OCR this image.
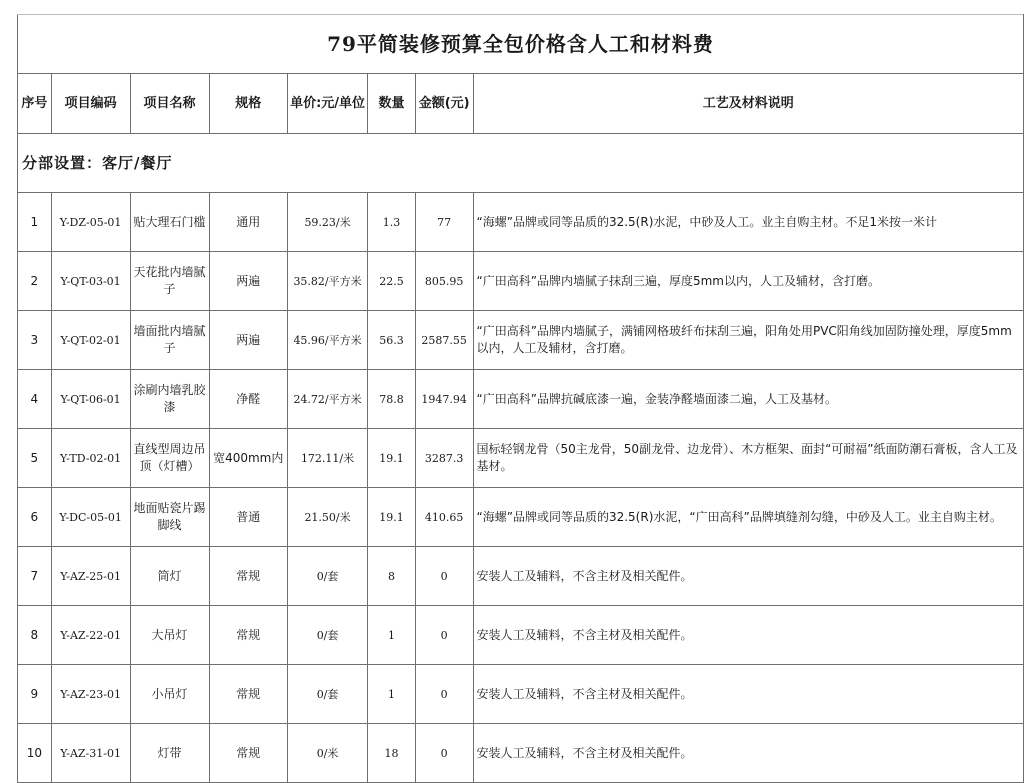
79平简装修预算全包价格含人工和材料费							
序号	项目编码	项目名称	规格	单价:元/单位	数量	金额(元)	工艺及材料说明
分部设置：客厅/餐厅							
1	Y-DZ-05-01	贴大理石门槛	通用	59.23/米	1.3	77	“海螺”品牌或同等品质的32.5(R)水泥，中砂及人工。业主自购主材。不足1米按一米计
2	Y-QT-03-01	天花批内墙腻子	两遍	35.82/平方米	22.5	805.95	“广田高科”品牌内墙腻子抹刮三遍，厚度5mm以内，人工及辅材，含打磨。
3	Y-QT-02-01	墙面批内墙腻子	两遍	45.96/平方米	56.3	2587.55	“广田高科”品牌内墙腻子，满铺网格玻纤布抹刮三遍，阳角处用PVC阳角线加固防撞处理，厚度5mm以内，人工及辅材，含打磨。
4	Y-QT-06-01	涂刷内墙乳胶漆	净醛	24.72/平方米	78.8	1947.94	“广田高科”品牌抗碱底漆一遍，金装净醛墙面漆二遍，人工及基材。
5	Y-TD-02-01	直线型周边吊顶（灯槽）	宽400mm内	172.11/米	19.1	3287.3	国标轻钢龙骨（50主龙骨，50副龙骨、边龙骨）、木方框架、面封“可耐福”纸面防潮石膏板，含人工及基材。
6	Y-DC-05-01	地面贴瓷片踢脚线	普通	21.50/米	19.1	410.65	“海螺”品牌或同等品质的32.5(R)水泥，“广田高科”品牌填缝剂勾缝，中砂及人工。业主自购主材。
7	Y-AZ-25-01	筒灯	常规	0/套	8	0	安装人工及辅料，不含主材及相关配件。
8	Y-AZ-22-01	大吊灯	常规	0/套	1	0	安装人工及辅料，不含主材及相关配件。
9	Y-AZ-23-01	小吊灯	常规	0/套	1	0	安装人工及辅料，不含主材及相关配件。
10	Y-AZ-31-01	灯带	常规	0/米	18	0	安装人工及辅料，不含主材及相关配件。
